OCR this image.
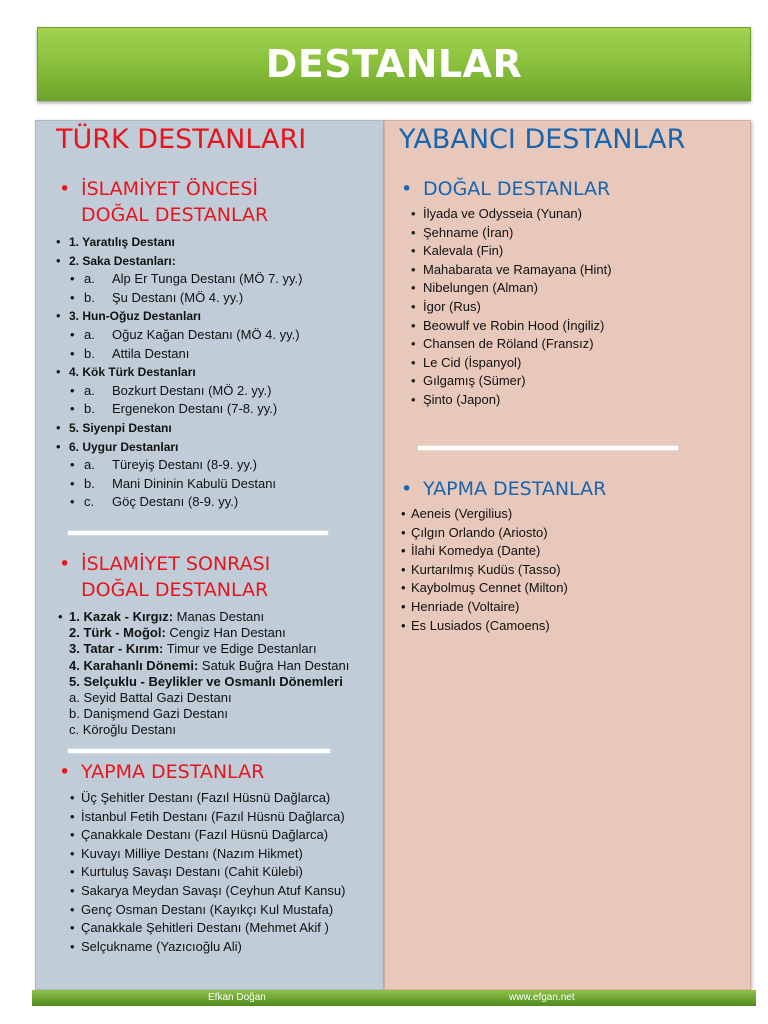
DESTANLAR
TÜRK DESTANLARI
• İSLAMİYET ÖNCESİ
DOĞAL DESTANLAR
• 1. Yaratılış Destanı
• 2. Saka Destanları:
• a. Alp Er Tunga Destanı (MÖ 7. yy.)
• b. Şu Destanı (MÖ 4. yy.)
• 3. Hun-Oğuz Destanları
• a. Oğuz Kağan Destanı (MÖ 4. yy.)
• b. Attila Destanı
• 4. Kök Türk Destanları
• a. Bozkurt Destanı (MÖ 2. yy.)
• b. Ergenekon Destanı (7-8. yy.)
• 5. Siyenpi Destanı
• 6. Uygur Destanları
• a. Türeyiş Destanı (8-9. yy.)
• b. Mani Dininin Kabulü Destanı
• c. Göç Destanı (8-9. yy.)
• İSLAMİYET SONRASI
DOĞAL DESTANLAR
• 1. Kazak - Kırgız: Manas Destanı
2. Türk - Moğol: Cengiz Han Destanı
3. Tatar - Kırım: Timur ve Edige Destanları
4. Karahanlı Dönemi: Satuk Buğra Han Destanı
5. Selçuklu - Beylikler ve Osmanlı Dönemleri
a. Seyid Battal Gazi Destanı
b. Danişmend Gazi Destanı
c. Köroğlu Destanı
• YAPMA DESTANLAR
• Üç Şehitler Destanı (Fazıl Hüsnü Dağlarca)
• İstanbul Fetih Destanı (Fazıl Hüsnü Dağlarca)
• Çanakkale Destanı (Fazıl Hüsnü Dağlarca)
• Kuvayı Milliye Destanı (Nazım Hikmet)
• Kurtuluş Savaşı Destanı (Cahit Külebi)
• Sakarya Meydan Savaşı (Ceyhun Atuf Kansu)
• Genç Osman Destanı (Kayıkçı Kul Mustafa)
• Çanakkale Şehitleri Destanı (Mehmet Akif )
• Selçukname (Yazıcıoğlu Ali)
YABANCI DESTANLAR
• DOĞAL DESTANLAR
• İlyada ve Odysseia (Yunan)
• Şehname (İran)
• Kalevala (Fin)
• Mahabarata ve Ramayana (Hint)
• Nibelungen (Alman)
• İgor (Rus)
• Beowulf ve Robin Hood (İngiliz)
• Chansen de Röland (Fransız)
• Le Cid (İspanyol)
• Gılgamış (Sümer)
• Şinto (Japon)
• YAPMA DESTANLAR
• Aeneis (Vergilius)
• Çılgın Orlando (Ariosto)
• İlahi Komedya (Dante)
• Kurtarılmış Kudüs (Tasso)
• Kaybolmuş Cennet (Milton)
• Henriade (Voltaire)
• Es Lusiados (Camoens)
Efkan Doğan	www.efgan.net
